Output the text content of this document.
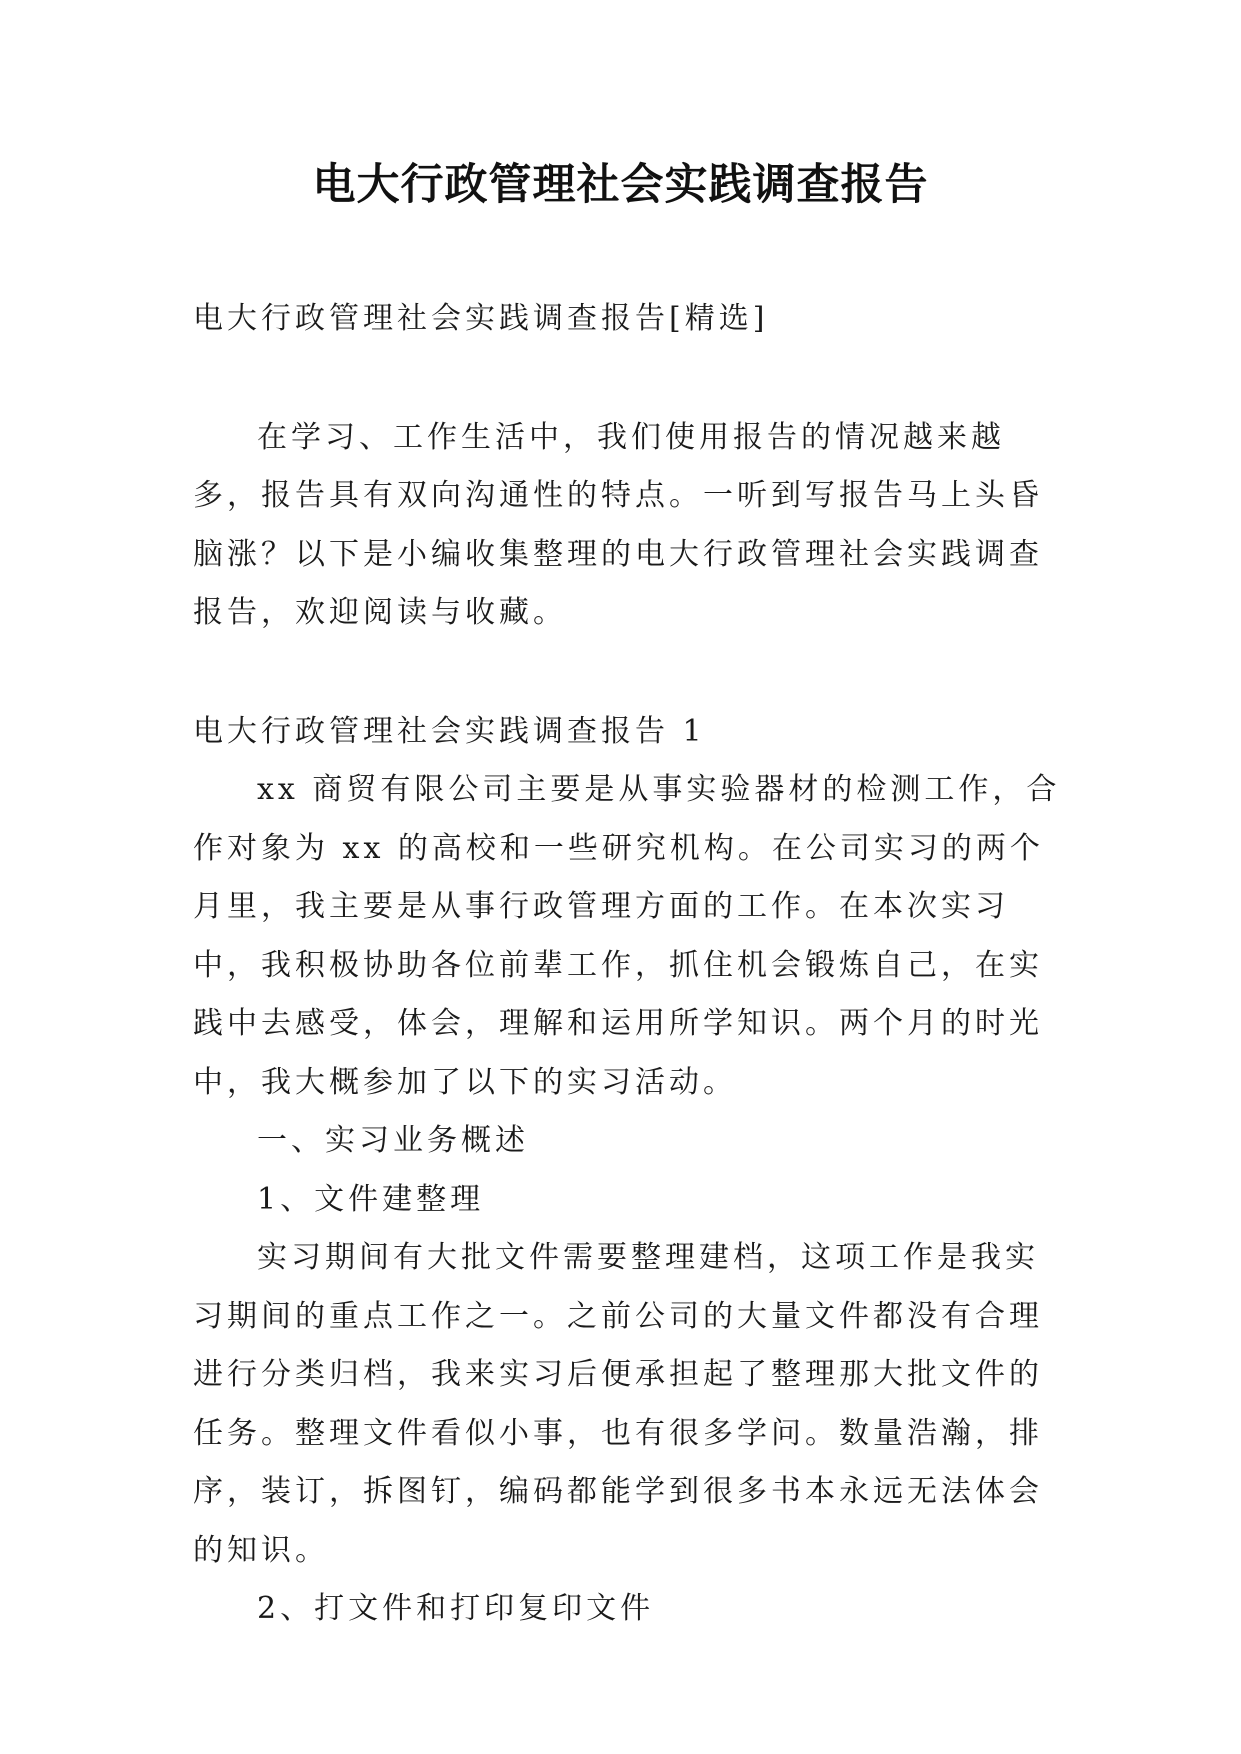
电大行政管理社会实践调查报告

电大行政管理社会实践调查报告[精选]

在学习、工作生活中，我们使用报告的情况越来越多，报告具有双向沟通性的特点。一听到写报告马上头昏脑涨？以下是小编收集整理的电大行政管理社会实践调查报告，欢迎阅读与收藏。

电大行政管理社会实践调查报告 1

xx 商贸有限公司主要是从事实验器材的检测工作，合作对象为 xx 的高校和一些研究机构。在公司实习的两个月里，我主要是从事行政管理方面的工作。在本次实习中，我积极协助各位前辈工作，抓住机会锻炼自己，在实践中去感受，体会，理解和运用所学知识。两个月的时光中，我大概参加了以下的实习活动。

一、实习业务概述

1、文件建整理

实习期间有大批文件需要整理建档，这项工作是我实习期间的重点工作之一。之前公司的大量文件都没有合理进行分类归档，我来实习后便承担起了整理那大批文件的任务。整理文件看似小事，也有很多学问。数量浩瀚，排序，装订，拆图钉，编码都能学到很多书本永远无法体会的知识。

2、打文件和打印复印文件
